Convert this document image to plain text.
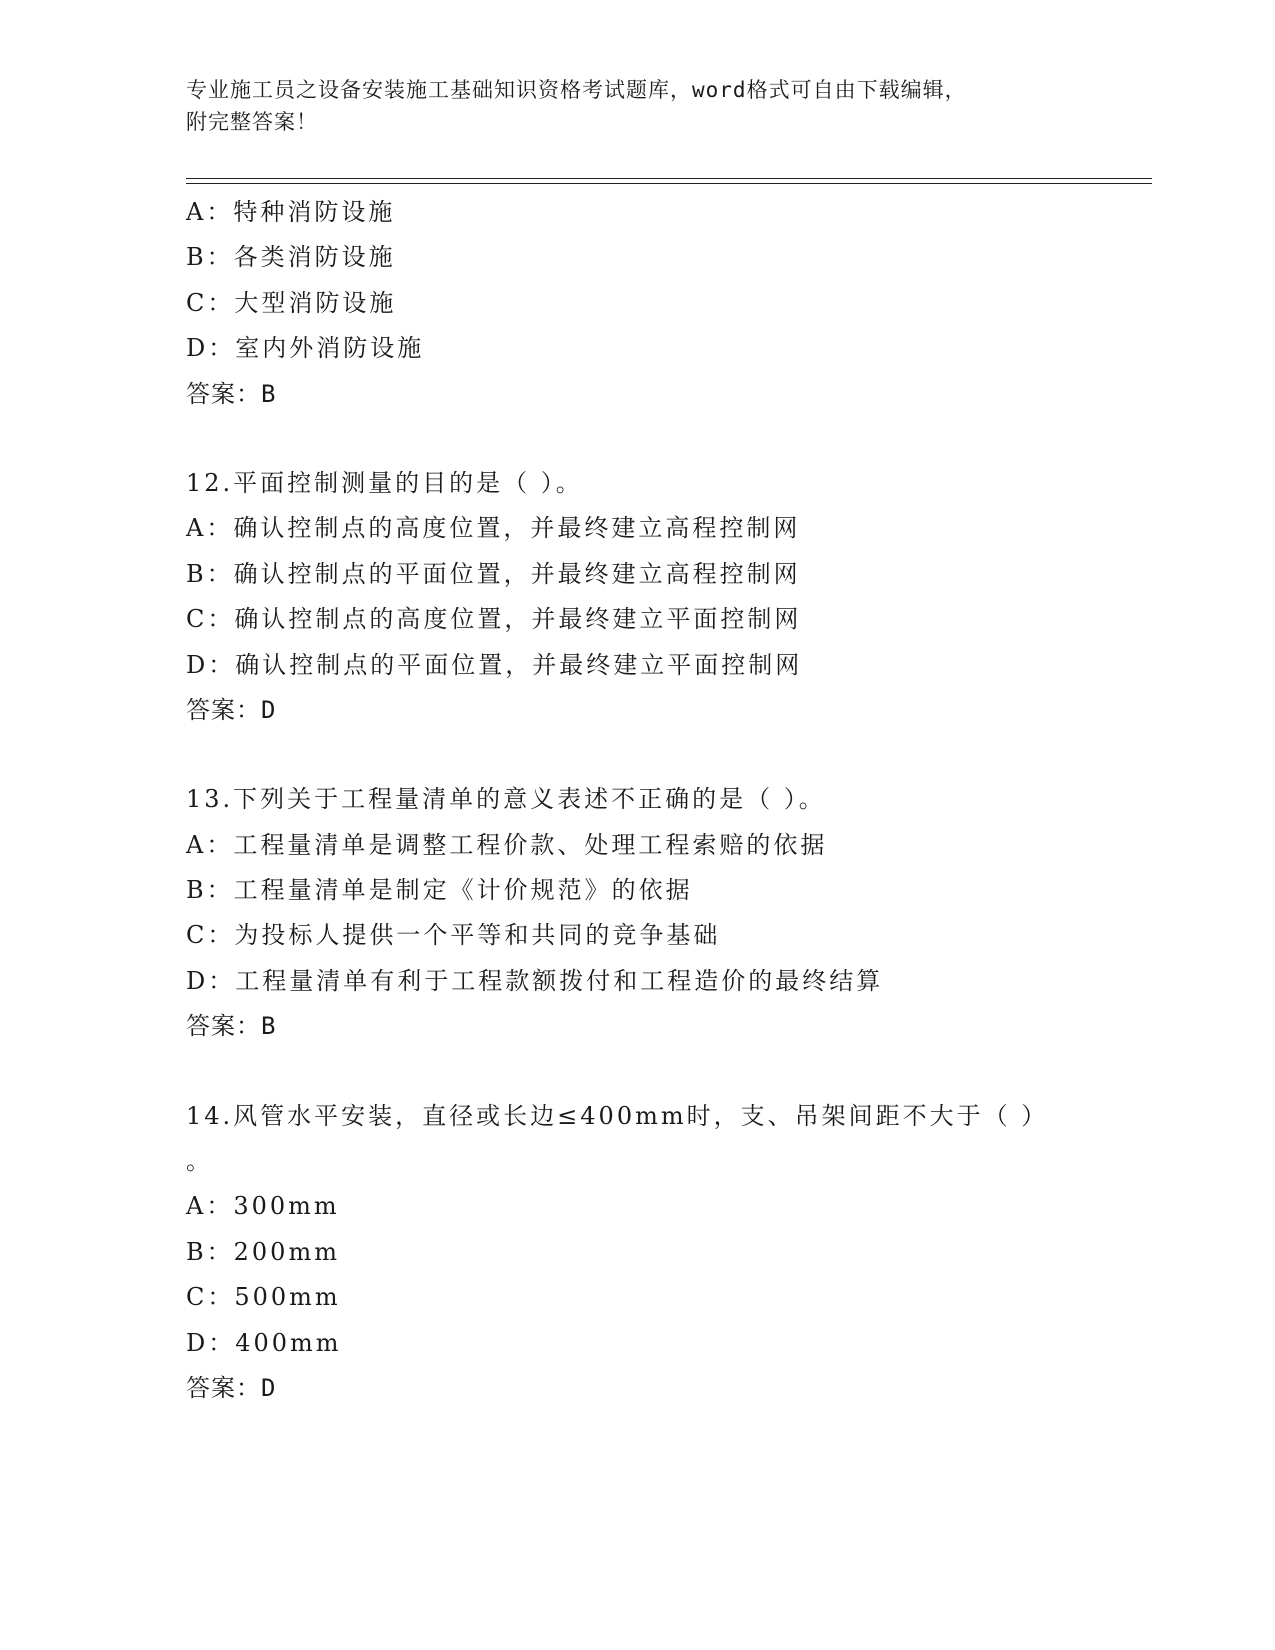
专业施工员之设备安装施工基础知识资格考试题库，word格式可自由下载编辑，
附完整答案！
A：特种消防设施
B：各类消防设施
C：大型消防设施
D：室内外消防设施
答案：B
12.平面控制测量的目的是（ ）。
A：确认控制点的高度位置，并最终建立高程控制网
B：确认控制点的平面位置，并最终建立高程控制网
C：确认控制点的高度位置，并最终建立平面控制网
D：确认控制点的平面位置，并最终建立平面控制网
答案：D
13.下列关于工程量清单的意义表述不正确的是（ ）。
A：工程量清单是调整工程价款、处理工程索赔的依据
B：工程量清单是制定《计价规范》的依据
C：为投标人提供一个平等和共同的竞争基础
D：工程量清单有利于工程款额拨付和工程造价的最终结算
答案：B
14.风管水平安装，直径或长边≤400mm时，支、吊架间距不大于（ ）
。
A：300mm
B：200mm
C：500mm
D：400mm
答案：D
